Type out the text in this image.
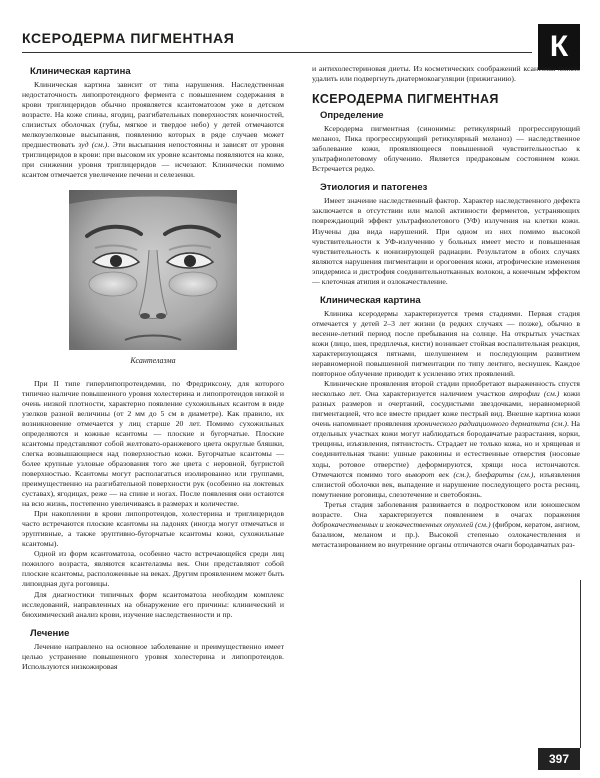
КСЕРОДЕРМА ПИГМЕНТНАЯ	К
Клиническая картина

Клиническая картина зависит от типа нарушения. Наследственная недостаточность липопротеидного фермента с повышением содержания в крови триглицеридов обычно проявляется ксантоматозом уже в детском возрасте. На коже спины, ягодиц, разгибательных поверхностях конечностей, слизистых оболочках (губы, мягкое и твердое небо) у детей отмечаются мелкоузелковые высыпания, появлению которых в ряде случаев может предшествовать зуд (см.). Эти высыпания непостоянны и зависят от уровня триглицеридов в крови: при высоком их уровне ксантомы появляются на коже, при снижении уровня триглицеридов — исчезают. Клинически помимо ксантом отмечается увеличение печени и селезенки.

Ксантелазма

При II типе гиперлипопротеидемии, по Фредриксону, для которого типично наличие повышенного уровня холестерина и липопротеидов низкой и очень низкой плотности, характерно появление сухожильных ксантом в виде узелков разной величины (от 2 мм до 5 см в диаметре). Как правило, их возникновение отмечается у лиц старше 20 лет. Помимо сухожильных определяются и кожные ксантомы — плоские и бугорчатые. Плоские ксантомы представляют собой желтовато-оранжевого цвета округлые бляшки, слегка возвышающиеся над поверхностью кожи. Бугорчатые ксантомы — более крупные узловые образования того же цвета с неровной, бугристой поверхностью. Ксантомы могут располагаться изолированно или группами, преимущественно на разгибательной поверхности рук (особенно на локтевых суставах), ягодицах, реже — на спине и ногах. После появления они остаются на всю жизнь, постепенно увеличиваясь в размерах и количестве.

При накоплении в крови липопротеидов, холестерина и триглицеридов часто встречаются плоские ксантомы на ладонях (иногда могут отмечаться и эруптивные, а также эруптивно-бугорчатые ксантомы кожи, сухожильные ксантомы).

Одной из форм ксантоматоза, особенно часто встречающейся среди лиц пожилого возраста, являются ксантелазмы век. Они представляют собой плоские ксантомы, расположенные на веках. Другим проявлением может быть липоидная дуга роговицы.

Для диагностики типичных форм ксантоматоза необходим комплекс исследований, направленных на обнаружение его причины: клинический и биохимический анализ крови, изучение наследственности и пр.

Лечение

Лечение направлено на основное заболевание и преимущественно имеет целью устранение повышенного уровня холестерина и липопротеидов. Используются низкожировая

и антихолестериновая диеты. Из косметических соображений ксантомы можно удалить или подвергнуть диатермокоагуляции (прижиганию).

КСЕРОДЕРМА ПИГМЕНТНАЯ
Определение

Ксеродерма пигментная (синонимы: ретикулярный прогрессирующий меланоз, Пика прогрессирующий ретикулярный меланоз) — наследственное заболевание кожи, проявляющееся повышенной чувствительностью к ультрафиолетовому облучению. Является предраковым состоянием кожи. Встречается редко.

Этиология и патогенез

Имеет значение наследственный фактор. Характер наследственного дефекта заключается в отсутствии или малой активности ферментов, устраняющих повреждающий эффект ультрафиолетового (УФ) излучения на клетки кожи. Изучены два вида нарушений. При одном из них помимо высокой чувствительности к УФ-излучению у больных имеет место и повышенная чувствительность к ионизирующей радиации. Результатом в обоих случаях являются нарушения пигментации и ороговения кожи, атрофические изменения эпидермиса и дистрофия соединительнотканных волокон, а конечным эффектом — клеточная атипия и озлокачествление.

Клиническая картина

Клиника ксеродермы характеризуется тремя стадиями. Первая стадия отмечается у детей 2–3 лет жизни (в редких случаях — позже), обычно в весенне-летний период после пребывания на солнце. На открытых участках кожи (лицо, шея, предплечья, кисти) возникает стойкая воспалительная реакция, характеризующаяся пятнами, шелушением и последующим развитием неравномерной повышенной пигментации по типу лентиго, веснушек. Каждое повторное облучение приводит к усилению этих проявлений.

Клинические проявления второй стадии приобретают выраженность спустя несколько лет. Она характеризуется наличием участков атрофии (см.) кожи разных размеров и очертаний, сосудистыми звездочками, неравномерной пигментацией, что все вместе придает коже пестрый вид. Внешне картина кожи очень напоминает проявления хронического радиационного дерматита (см.). На отдельных участках кожи могут наблюдаться бородавчатые разрастания, корки, трещины, изъязвления, пятнистость. Страдает не только кожа, но и хрящевая и соединительная ткани: ушные раковины и естественные отверстия (носовые ходы, ротовое отверстие) деформируются, хрящи носа истончаются. Отмечаются помимо того выворот век (см.), блефариты (см.), изъязвления слизистой оболочки век, выпадение и нарушение последующего роста ресниц, помутнение роговицы, слезотечение и светобоязнь.

Третья стадия заболевания развивается в подростковом или юношеском возрасте. Она характеризуется появлением в очагах поражения доброкачественных и злокачественных опухолей (см.) (фибром, кератом, ангиом, базалиом, меланом и пр.). Высокой степенью озлокачествления и метастазированием во внутренние органы отличаются очаги бородавчатых раз-

397
